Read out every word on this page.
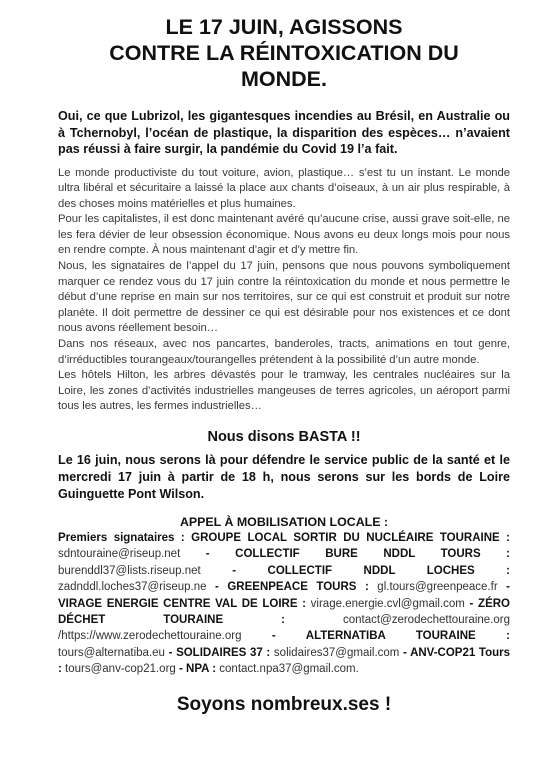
LE 17 JUIN, AGISSONS
CONTRE LA RÉINTOXICATION DU
MONDE.

Oui, ce que Lubrizol, les gigantesques incendies au Brésil, en Australie ou à Tchernobyl, l’océan de plastique, la disparition des espèces… n’avaient pas réussi à faire surgir, la pandémie du Covid 19 l’a fait.

Le monde productiviste du tout voiture, avion, plastique… s’est tu un instant. Le monde ultra libéral et sécuritaire a laissé la place aux chants d’oiseaux, à un air plus respirable, à des choses moins matérielles et plus humaines.

Pour les capitalistes, il est donc maintenant avéré qu’aucune crise, aussi grave soit-elle, ne les fera dévier de leur obsession économique. Nous avons eu deux longs mois pour nous en rendre compte. À nous maintenant d’agir et d’y mettre fin.

Nous, les signataires de l’appel du 17 juin, pensons que nous pouvons symboliquement marquer ce rendez vous du 17 juin contre la réintoxication du monde et nous permettre le début d’une reprise en main sur nos territoires, sur ce qui est construit et produit sur notre planète. Il doit permettre de dessiner ce qui est désirable pour nos existences et ce dont nous avons réellement besoin…

Dans nos réseaux, avec nos pancartes, banderoles, tracts, animations en tout genre, d’irréductibles tourangeaux/tourangelles prétendent à la possibilité d’un autre monde.

Les hôtels Hilton, les arbres dévastés pour le tramway, les centrales nucléaires sur la Loire, les zones d’activités industrielles mangeuses de terres agricoles, un aéroport parmi tous les autres, les fermes industrielles…

Nous disons BASTA !!

Le 16 juin, nous serons là pour défendre le service public de la santé et le mercredi 17 juin à partir de 18 h, nous serons sur les bords de Loire Guinguette Pont Wilson.

APPEL À MOBILISATION LOCALE :
Premiers signataires : GROUPE LOCAL SORTIR DU NUCLÉAIRE TOURAINE : sdntouraine@riseup.net - COLLECTIF BURE NDDL TOURS : burenddl37@lists.riseup.net - COLLECTIF NDDL LOCHES : zadnddl.loches37@riseup.ne - GREENPEACE TOURS : gl.tours@greenpeace.fr - VIRAGE ENERGIE CENTRE VAL DE LOIRE : virage.energie.cvl@gmail.com - ZÉRO DÉCHET TOURAINE :	contact@zerodechettouraine.org /https://www.zerodechettouraine.org - ALTERNATIBA TOURAINE : tours@alternatiba.eu - SOLIDAIRES 37 : solidaires37@gmail.com - ANV-COP21 Tours : tours@anv-cop21.org - NPA : contact.npa37@gmail.com.
Soyons nombreux.ses !
